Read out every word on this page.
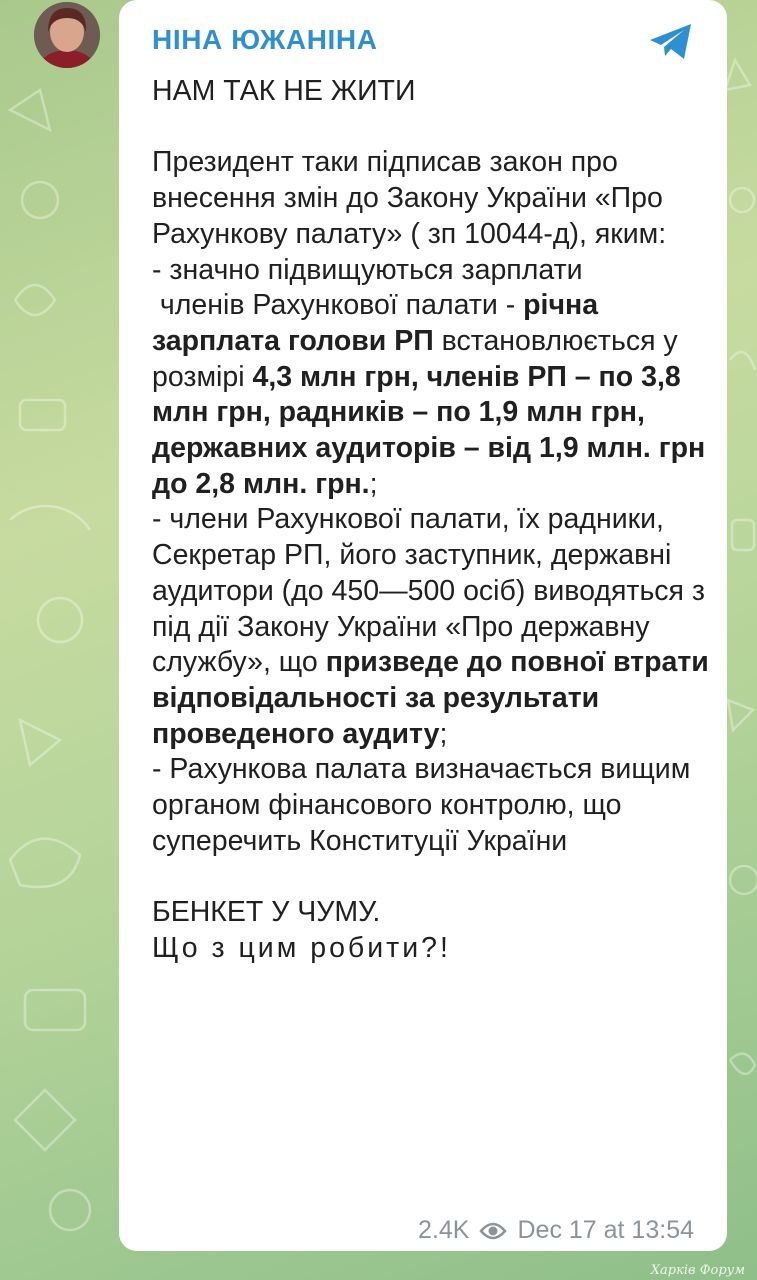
НІНА ЮЖАНІНА

НАМ ТАК НЕ ЖИТИ

Президент таки підписав закон про внесення змін до Закону України «Про Рахункову палату» ( зп 10044-д), яким:

- значно підвищуються зарплати
членів Рахункової палати - річна зарплата голови РП встановлюється у розмірі 4,3 млн грн, членів РП – по 3,8 млн грн, радників – по 1,9 млн грн, державних аудиторів – від 1,9 млн. грн до 2,8 млн. грн.;

- члени Рахункової палати, їх радники, Секретар РП, його заступник, державні аудитори (до 450—500 осіб) виводяться з під дії Закону України «Про державну службу», що призведе до повної втрати відповідальності за результати проведеного аудиту;

- Рахункова палата визначається вищим органом фінансового контролю, що суперечить Конституції України

БЕНКЕТ У ЧУМУ.

Що з цим робити?!

2.4K Dec 17 at 13:54
Харків Форум
